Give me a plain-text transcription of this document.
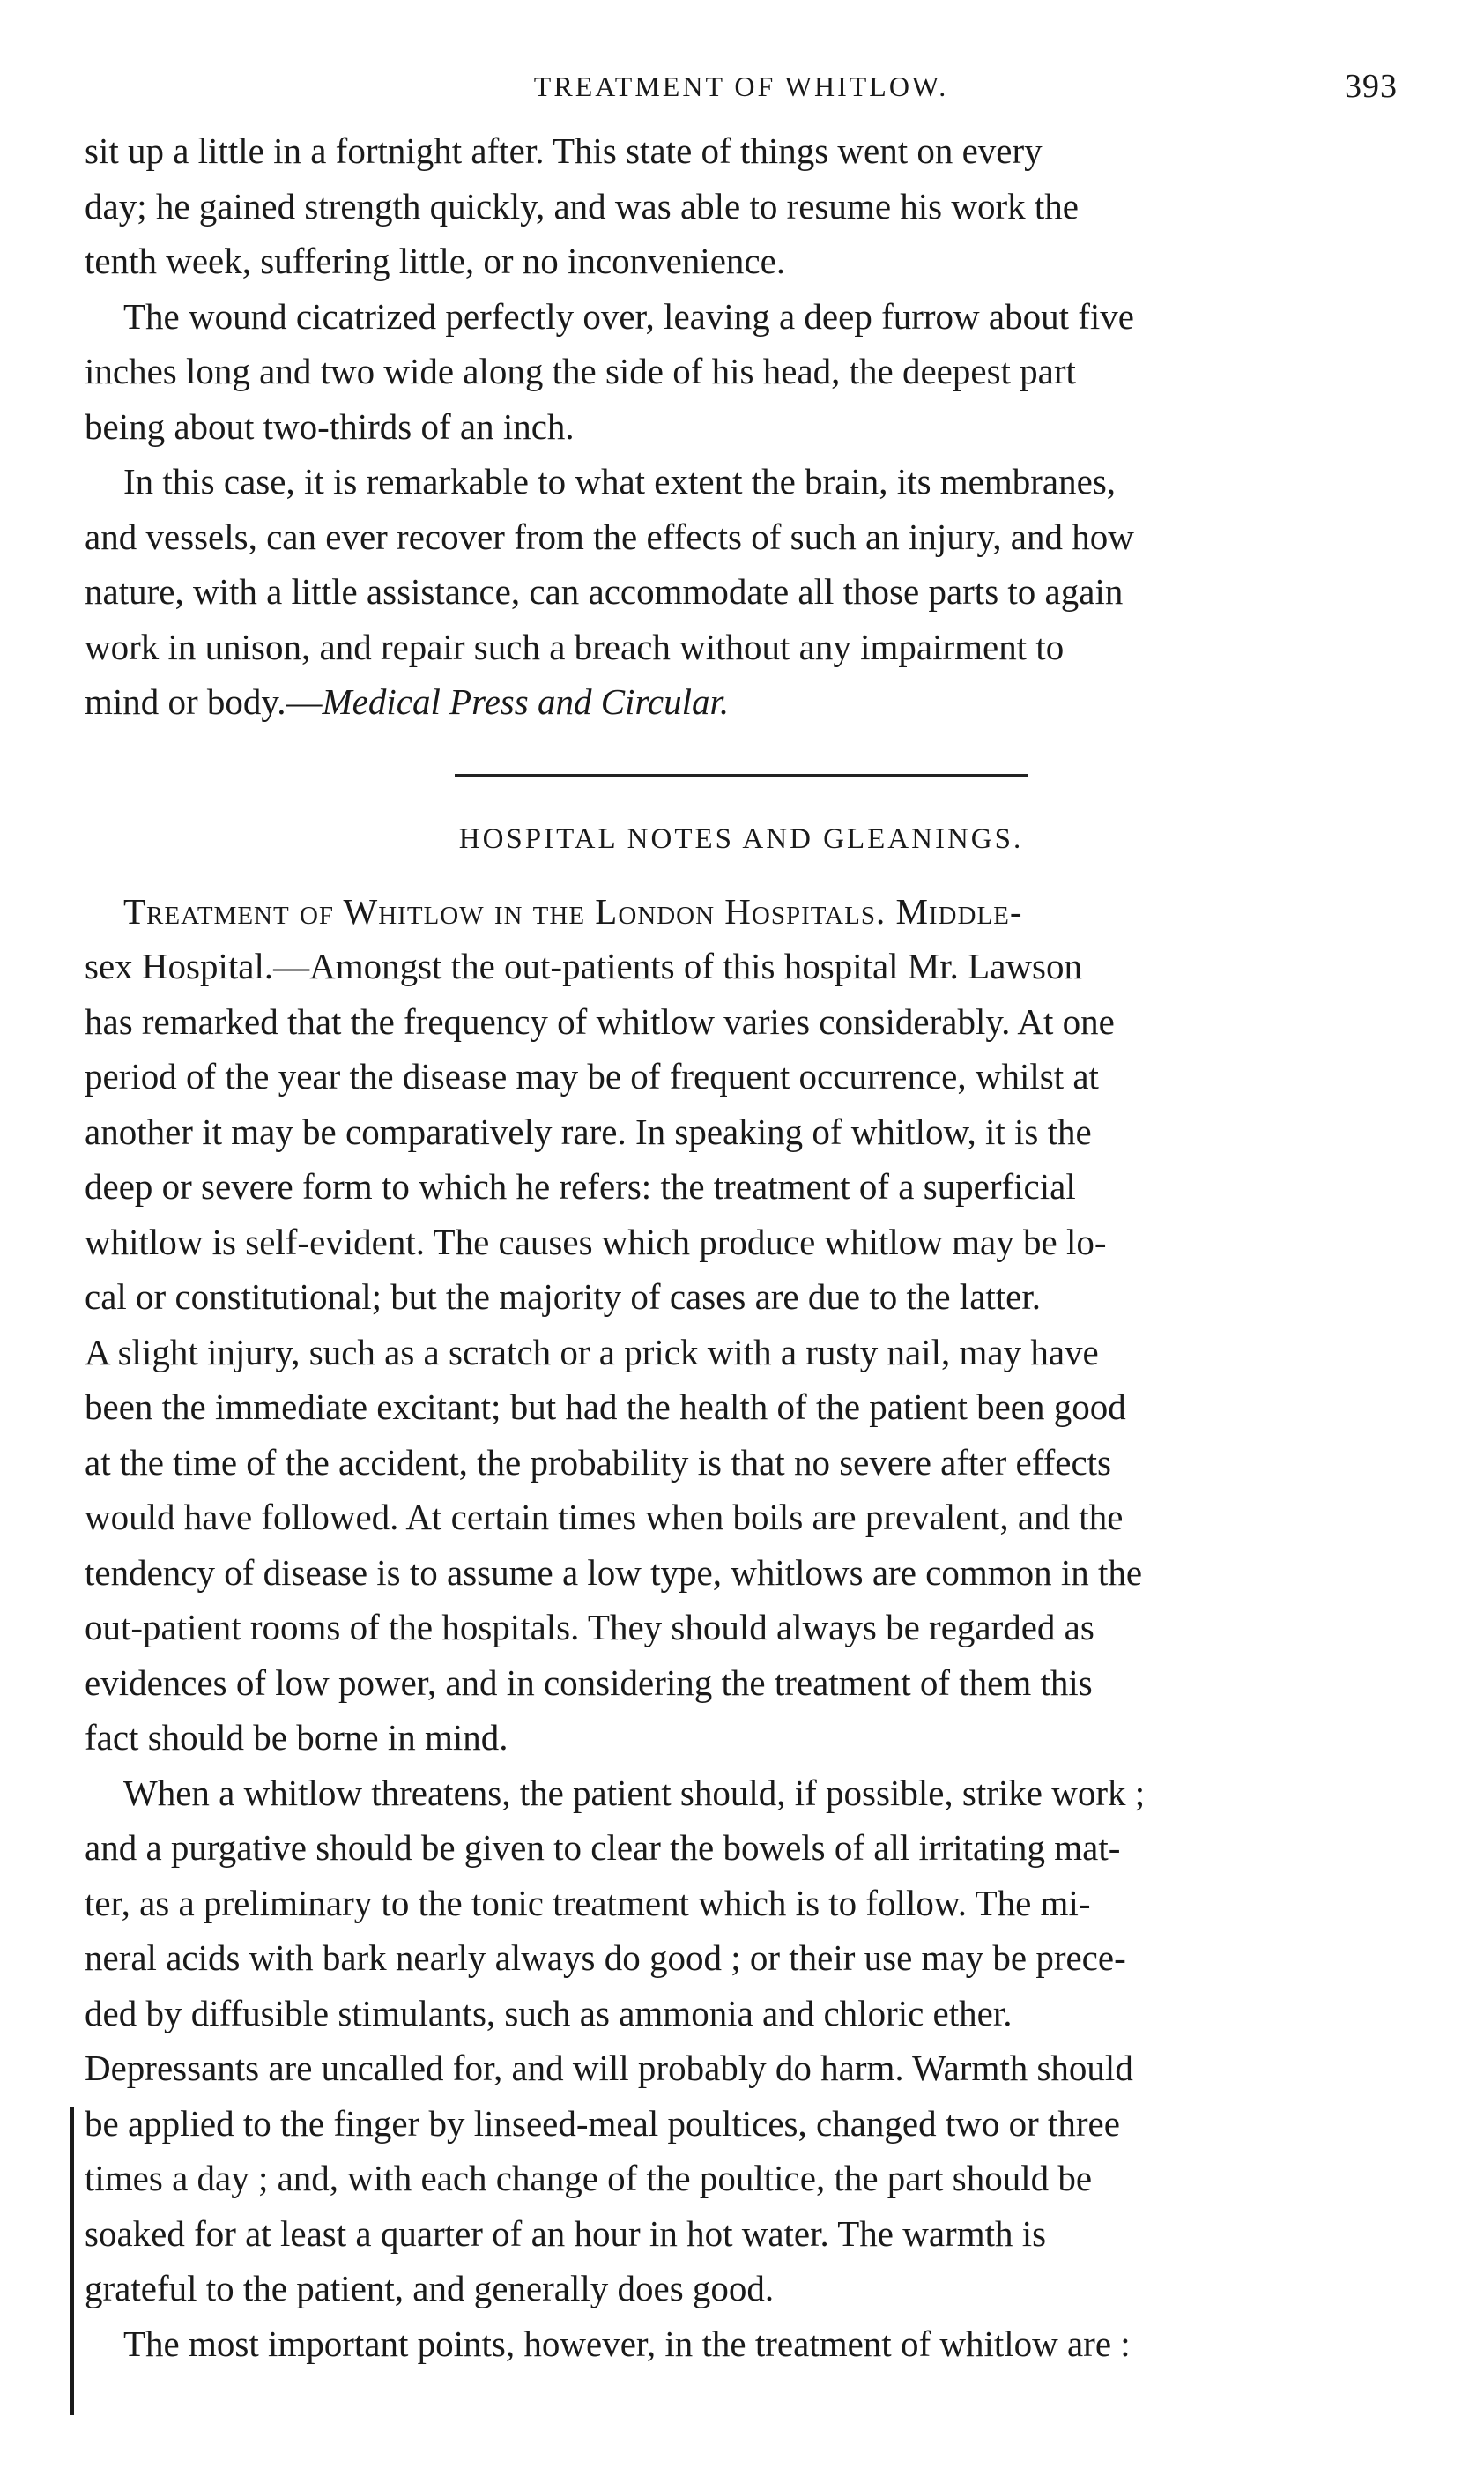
TREATMENT OF WHITLOW.	393

sit up a little in a fortnight after. This state of things went on every
day; he gained strength quickly, and was able to resume his work the
tenth week, suffering little, or no inconvenience.

The wound cicatrized perfectly over, leaving a deep furrow about five
inches long and two wide along the side of his head, the deepest part
being about two-thirds of an inch.

In this case, it is remarkable to what extent the brain, its membranes,
and vessels, can ever recover from the effects of such an injury, and how
nature, with a little assistance, can accommodate all those parts to again
work in unison, and repair such a breach without any impairment to
mind or body.—Medical Press and Circular.

HOSPITAL NOTES AND GLEANINGS.

Treatment of Whitlow in the London Hospitals. Middle-
sex Hospital.—Amongst the out-patients of this hospital Mr. Lawson
has remarked that the frequency of whitlow varies considerably. At one
period of the year the disease may be of frequent occurrence, whilst at
another it may be comparatively rare. In speaking of whitlow, it is the
deep or severe form to which he refers: the treatment of a superficial
whitlow is self-evident. The causes which produce whitlow may be lo-
cal or constitutional; but the majority of cases are due to the latter.
A slight injury, such as a scratch or a prick with a rusty nail, may have
been the immediate excitant; but had the health of the patient been good
at the time of the accident, the probability is that no severe after effects
would have followed. At certain times when boils are prevalent, and the
tendency of disease is to assume a low type, whitlows are common in the
out-patient rooms of the hospitals. They should always be regarded as
evidences of low power, and in considering the treatment of them this
fact should be borne in mind.

When a whitlow threatens, the patient should, if possible, strike work ;
and a purgative should be given to clear the bowels of all irritating mat-
ter, as a preliminary to the tonic treatment which is to follow. The mi-
neral acids with bark nearly always do good ; or their use may be prece-
ded by diffusible stimulants, such as ammonia and chloric ether.
Depressants are uncalled for, and will probably do harm. Warmth should
be applied to the finger by linseed-meal poultices, changed two or three
times a day ; and, with each change of the poultice, the part should be
soaked for at least a quarter of an hour in hot water. The warmth is
grateful to the patient, and generally does good.

The most important points, however, in the treatment of whitlow are :
